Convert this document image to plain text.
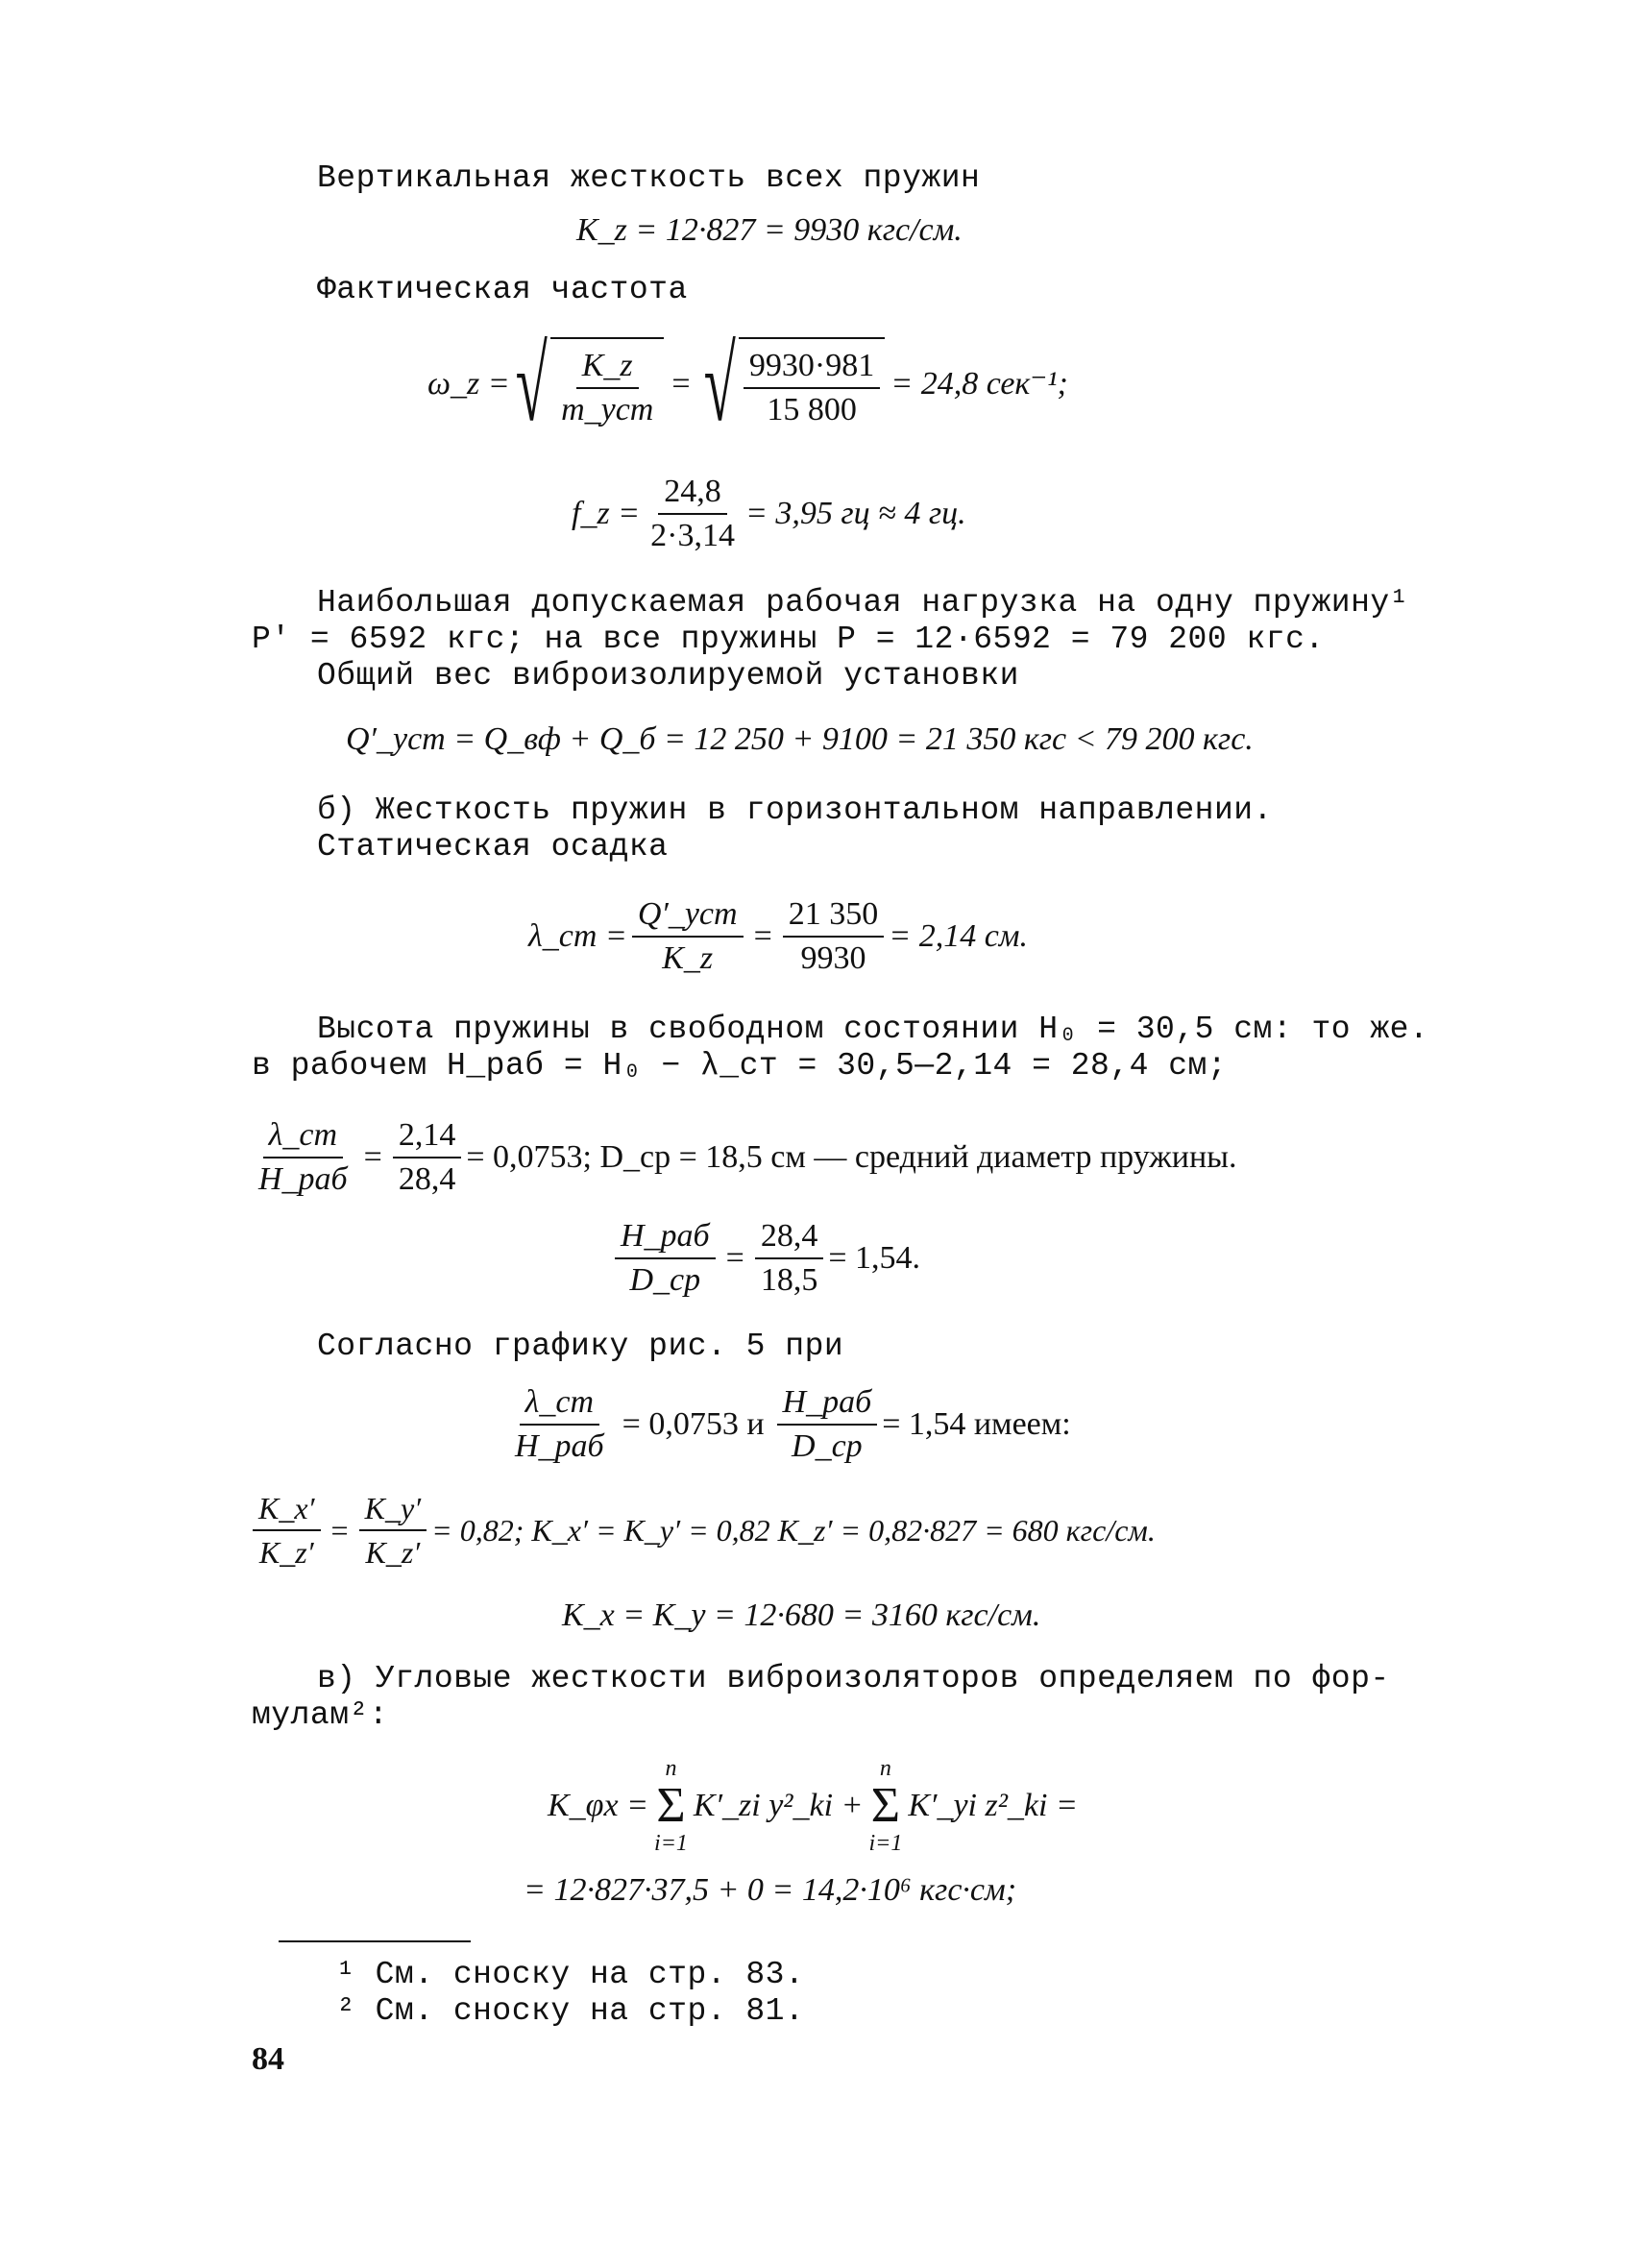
Вертикальная жесткость всех пружин
K_z = 12·827 = 9930 кгс/см.
Фактическая частота
ω_z = √ K_z
m_уст
= √ $\frac{9930\cdot 981}{15 800} = 24,8$ сек⁻¹;
f_z = $\frac{24,8}{2\cdot 3,14} = 3,95$ гц ≈ 4 гц.
Наибольшая допускаемая рабочая нагрузка на одну пружину¹
P′ = 6592 кгс; на все пружины P = 12·6592 = 79 200 кгс.
Общий вес виброизолируемой установки
Q′_уст = Q_вф + Q_б = 12 250 + 9100 = 21 350 кгс < 79 200 кгс.
б) Жесткость пружин в горизонтальном направлении.
Статическая осадка
λ_ст =
Q′_уст
K_z
= $\frac{21 350}{9930} = 2,14$ см.
Высота пружины в свободном состоянии H₀ = 30,5 см: то же.
в рабочем H_раб = H₀ − λ_ст = 30,5—2,14 = 28,4 см;
λ_ст
H_раб
= $\frac{2,14}{28,4} = 0,0753$; D_ср = 18,5 см — средний диаметр пружины.
H_раб
D_ср
= $\frac{28,4}{18,5} = 1,54$.
Согласно графику рис. 5 при
λ_ст
H_раб
= 0,0753 и
H_раб
D_ср
= 1,54 имеем:
$\frac{K\_x'}{K\_z'} = \frac{K\_y'}{K\_z'} = 0,82$; K_x′ = K_y′ = 0,82 K_z′ = 0,82·827 = 680 кгс/см.
K_x = K_y = 12·680 = 3160 кгс/см.
в) Угловые жесткости виброизоляторов определяем по фор-
мулам²:
K_φx =
n
Σ
i=1
K′_zi y²_ki +
n
Σ
i=1
K′_yi z²_ki =
= 12·827·37,5 + 0 = 14,2·10⁶ кгс·см;
¹ См. сноску на стр. 83.
² См. сноску на стр. 81.
84
